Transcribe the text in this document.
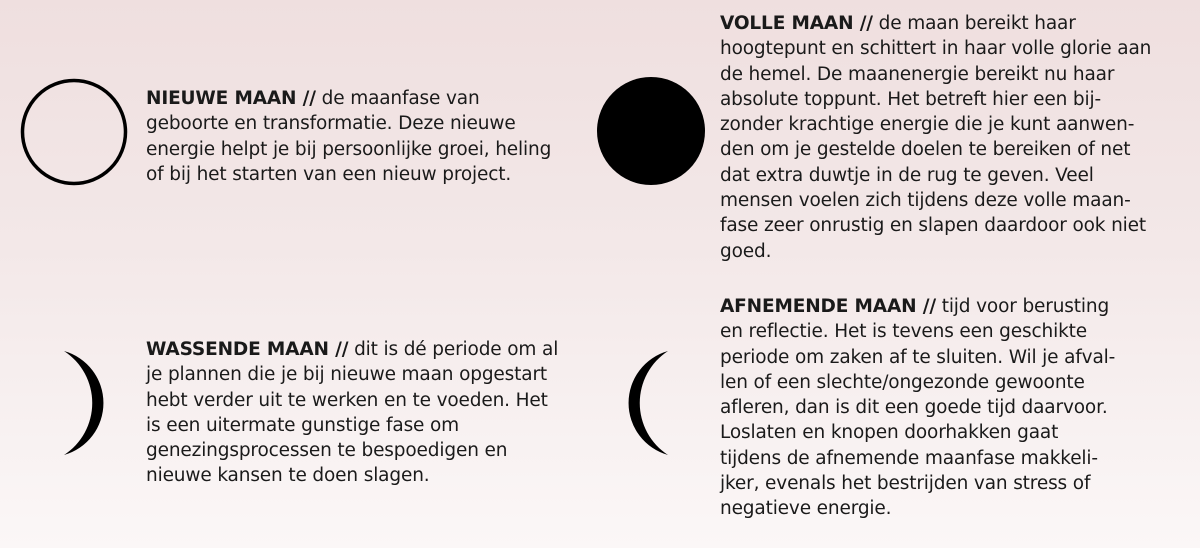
NIEUWE MAAN // de maanfase van
geboorte en transformatie. Deze nieuwe
energie helpt je bij persoonlijke groei, heling
of bij het starten van een nieuw project.
VOLLE MAAN // de maan bereikt haar
hoogtepunt en schittert in haar volle glorie aan
de hemel. De maanenergie bereikt nu haar
absolute toppunt. Het betreft hier een bij-
zonder krachtige energie die je kunt aanwen-
den om je gestelde doelen te bereiken of net
dat extra duwtje in de rug te geven. Veel
mensen voelen zich tijdens deze volle maan-
fase zeer onrustig en slapen daardoor ook niet
goed.
WASSENDE MAAN // dit is dé periode om al
je plannen die je bij nieuwe maan opgestart
hebt verder uit te werken en te voeden. Het
is een uitermate gunstige fase om
genezingsprocessen te bespoedigen en
nieuwe kansen te doen slagen.
AFNEMENDE MAAN // tijd voor berusting
en reflectie. Het is tevens een geschikte
periode om zaken af te sluiten. Wil je afval-
len of een slechte/ongezonde gewoonte
afleren, dan is dit een goede tijd daarvoor.
Loslaten en knopen doorhakken gaat
tijdens de afnemende maanfase makkeli-
jker, evenals het bestrijden van stress of
negatieve energie.
